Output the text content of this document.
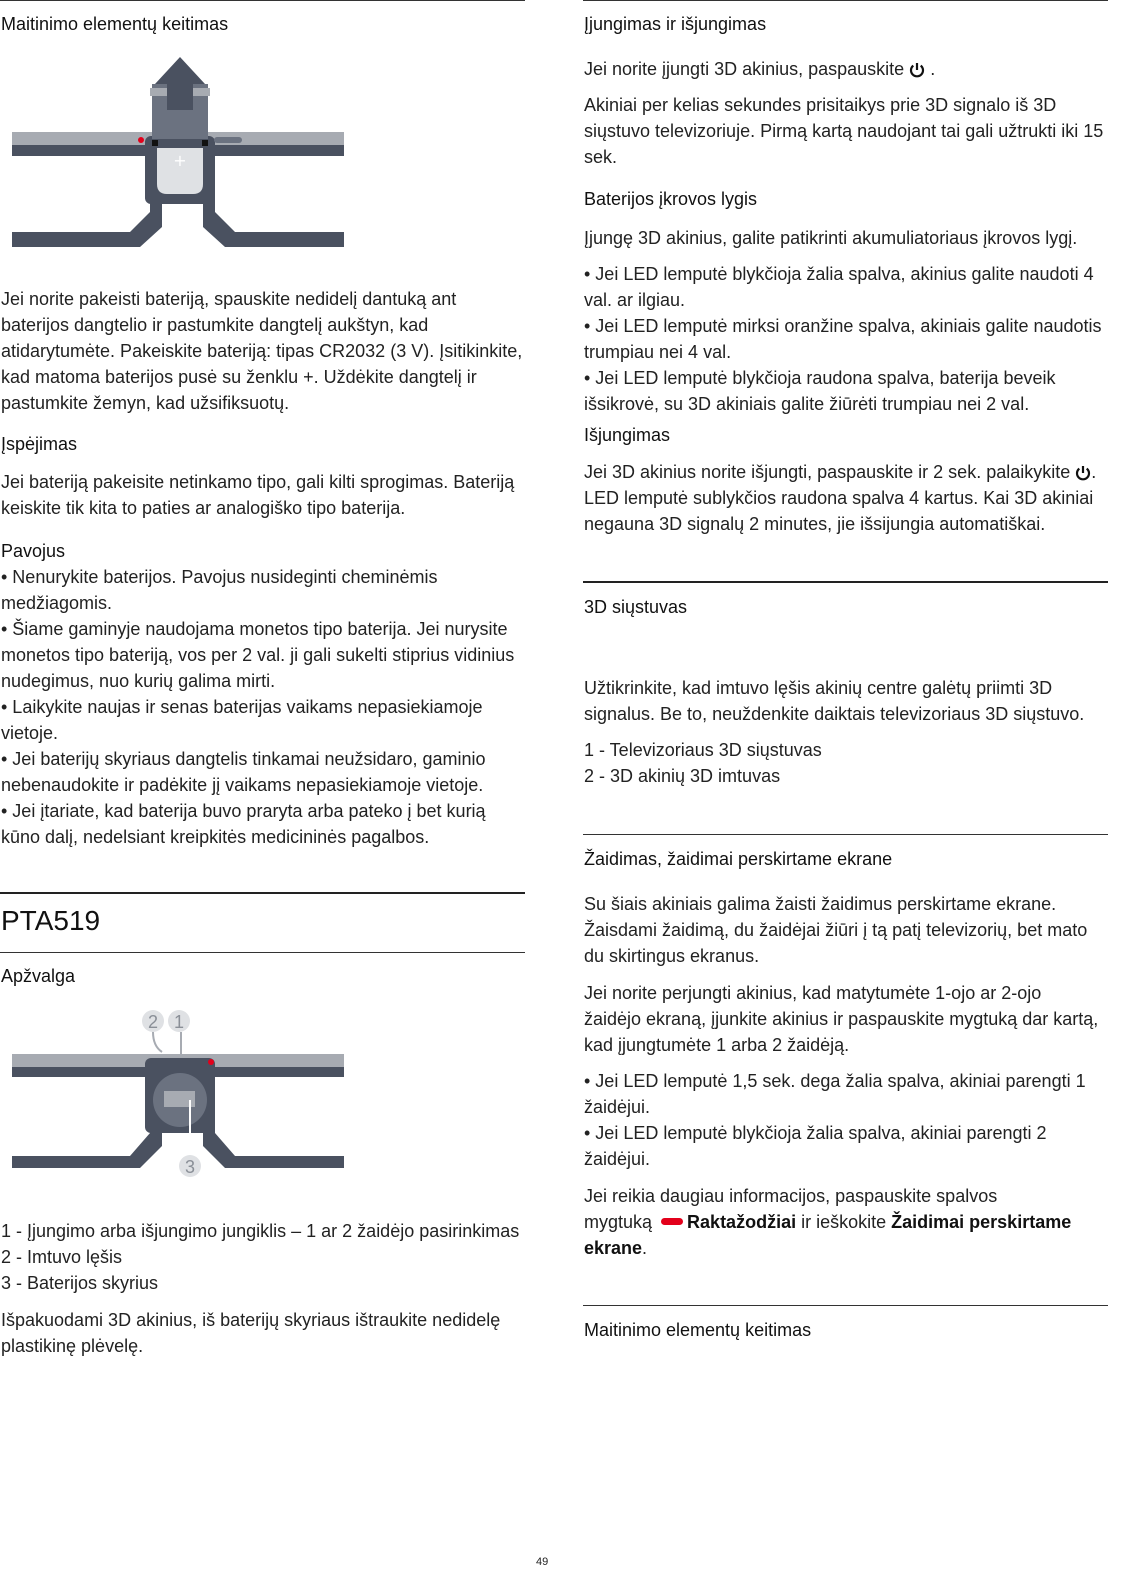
Maitinimo elementų keitimas
+

Jei norite pakeisti bateriją, spauskite nedidelį dantuką ant
baterijos dangtelio ir pastumkite dangtelį aukštyn, kad
atidarytumėte. Pakeiskite bateriją: tipas CR2032 (3 V). Įsitikinkite,
kad matoma baterijos pusė su ženklu +. Uždėkite dangtelį ir
pastumkite žemyn, kad užsifiksuotų.

Įspėjimas

Jei bateriją pakeisite netinkamo tipo, gali kilti sprogimas. Bateriją
keiskite tik kita to paties ar analogiško tipo baterija.

Pavojus

• Nenurykite baterijos. Pavojus nusideginti cheminėmis
medžiagomis.
• Šiame gaminyje naudojama monetos tipo baterija. Jei nurysite
monetos tipo bateriją, vos per 2 val. ji gali sukelti stiprius vidinius
nudegimus, nuo kurių galima mirti.
• Laikykite naujas ir senas baterijas vaikams nepasiekiamoje
vietoje.
• Jei baterijų skyriaus dangtelis tinkamai neužsidaro, gaminio
nebenaudokite ir padėkite jį vaikams nepasiekiamoje vietoje.
• Jei įtariate, kad baterija buvo praryta arba pateko į bet kurią
kūno dalį, nedelsiant kreipkitės medicininės pagalbos.

PTA519
Apžvalga
2 1
3

1 - Įjungimo arba išjungimo jungiklis – 1 ar 2 žaidėjo pasirinkimas
2 - Imtuvo lęšis
3 - Baterijos skyrius

Išpakuodami 3D akinius, iš baterijų skyriaus ištraukite nedidelę
plastikinę plėvelę.

Įjungimas ir išjungimas

Jei norite įjungti 3D akinius, paspauskite .

Akiniai per kelias sekundes prisitaikys prie 3D signalo iš 3D
siųstuvo televizoriuje. Pirmą kartą naudojant tai gali užtrukti iki 15
sek.

Baterijos įkrovos lygis

Įjungę 3D akinius, galite patikrinti akumuliatoriaus įkrovos lygį.

• Jei LED lemputė blykčioja žalia spalva, akinius galite naudoti 4
val. ar ilgiau.
• Jei LED lemputė mirksi oranžine spalva, akiniais galite naudotis
trumpiau nei 4 val.
• Jei LED lemputė blykčioja raudona spalva, baterija beveik
išsikrovė, su 3D akiniais galite žiūrėti trumpiau nei 2 val.

Išjungimas

Jei 3D akinius norite išjungti, paspauskite ir 2 sek. palaikykite .
LED lemputė sublykčios raudona spalva 4 kartus. Kai 3D akiniai
negauna 3D signalų 2 minutes, jie išsijungia automatiškai.

3D siųstuvas

Užtikrinkite, kad imtuvo lęšis akinių centre galėtų priimti 3D
signalus. Be to, neuždenkite daiktais televizoriaus 3D siųstuvo.

1 - Televizoriaus 3D siųstuvas
2 - 3D akinių 3D imtuvas

Žaidimas, žaidimai perskirtame ekrane

Su šiais akiniais galima žaisti žaidimus perskirtame ekrane.
Žaisdami žaidimą, du žaidėjai žiūri į tą patį televizorių, bet mato
du skirtingus ekranus.

Jei norite perjungti akinius, kad matytumėte 1-ojo ar 2-ojo
žaidėjo ekraną, įjunkite akinius ir paspauskite mygtuką dar kartą,
kad įjungtumėte 1 arba 2 žaidėją.

• Jei LED lemputė 1,5 sek. dega žalia spalva, akiniai parengti 1
žaidėjui.
• Jei LED lemputė blykčioja žalia spalva, akiniai parengti 2
žaidėjui.

Jei reikia daugiau informacijos, paspauskite spalvos
mygtuką Raktažodžiai ir ieškokite Žaidimai perskirtame
ekrane.

Maitinimo elementų keitimas
49
